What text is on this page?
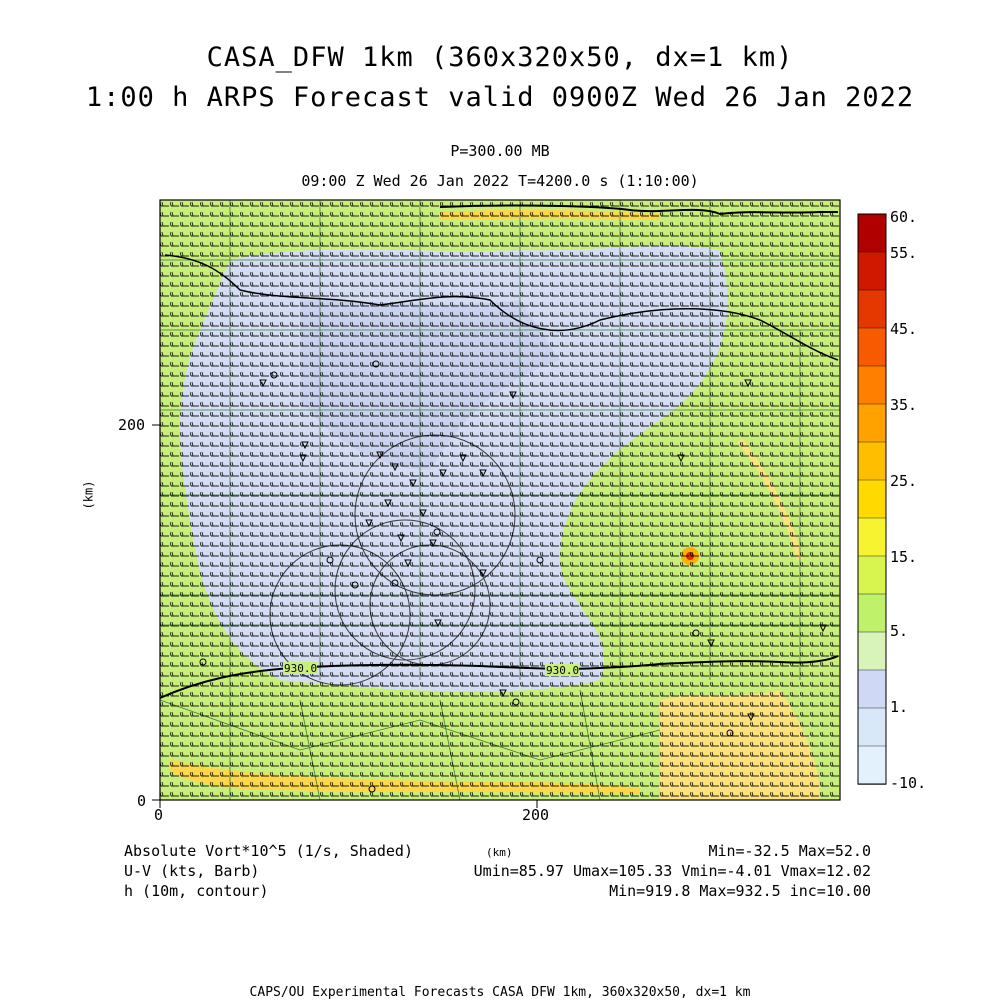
CASA_DFW 1km (360x320x50, dx=1 km)
1:00 h ARPS Forecast valid 0900Z Wed 26 Jan 2022
P=300.00 MB
09:00 Z Wed 26 Jan 2022 T=4200.0 s (1:10:00)
930.0	930.0
0	200
0
200
(km)
(km)
60.
55.
45.
35.
25.
15.
5.
1.
-10.
Absolute Vort*10^5 (1/s, Shaded)
U-V (kts, Barb)
h (10m, contour)
Min=-32.5 Max=52.0
Umin=85.97 Umax=105.33 Vmin=-4.01 Vmax=12.02
Min=919.8 Max=932.5 inc=10.00
CAPS/OU Experimental Forecasts CASA DFW 1km, 360x320x50, dx=1 km
